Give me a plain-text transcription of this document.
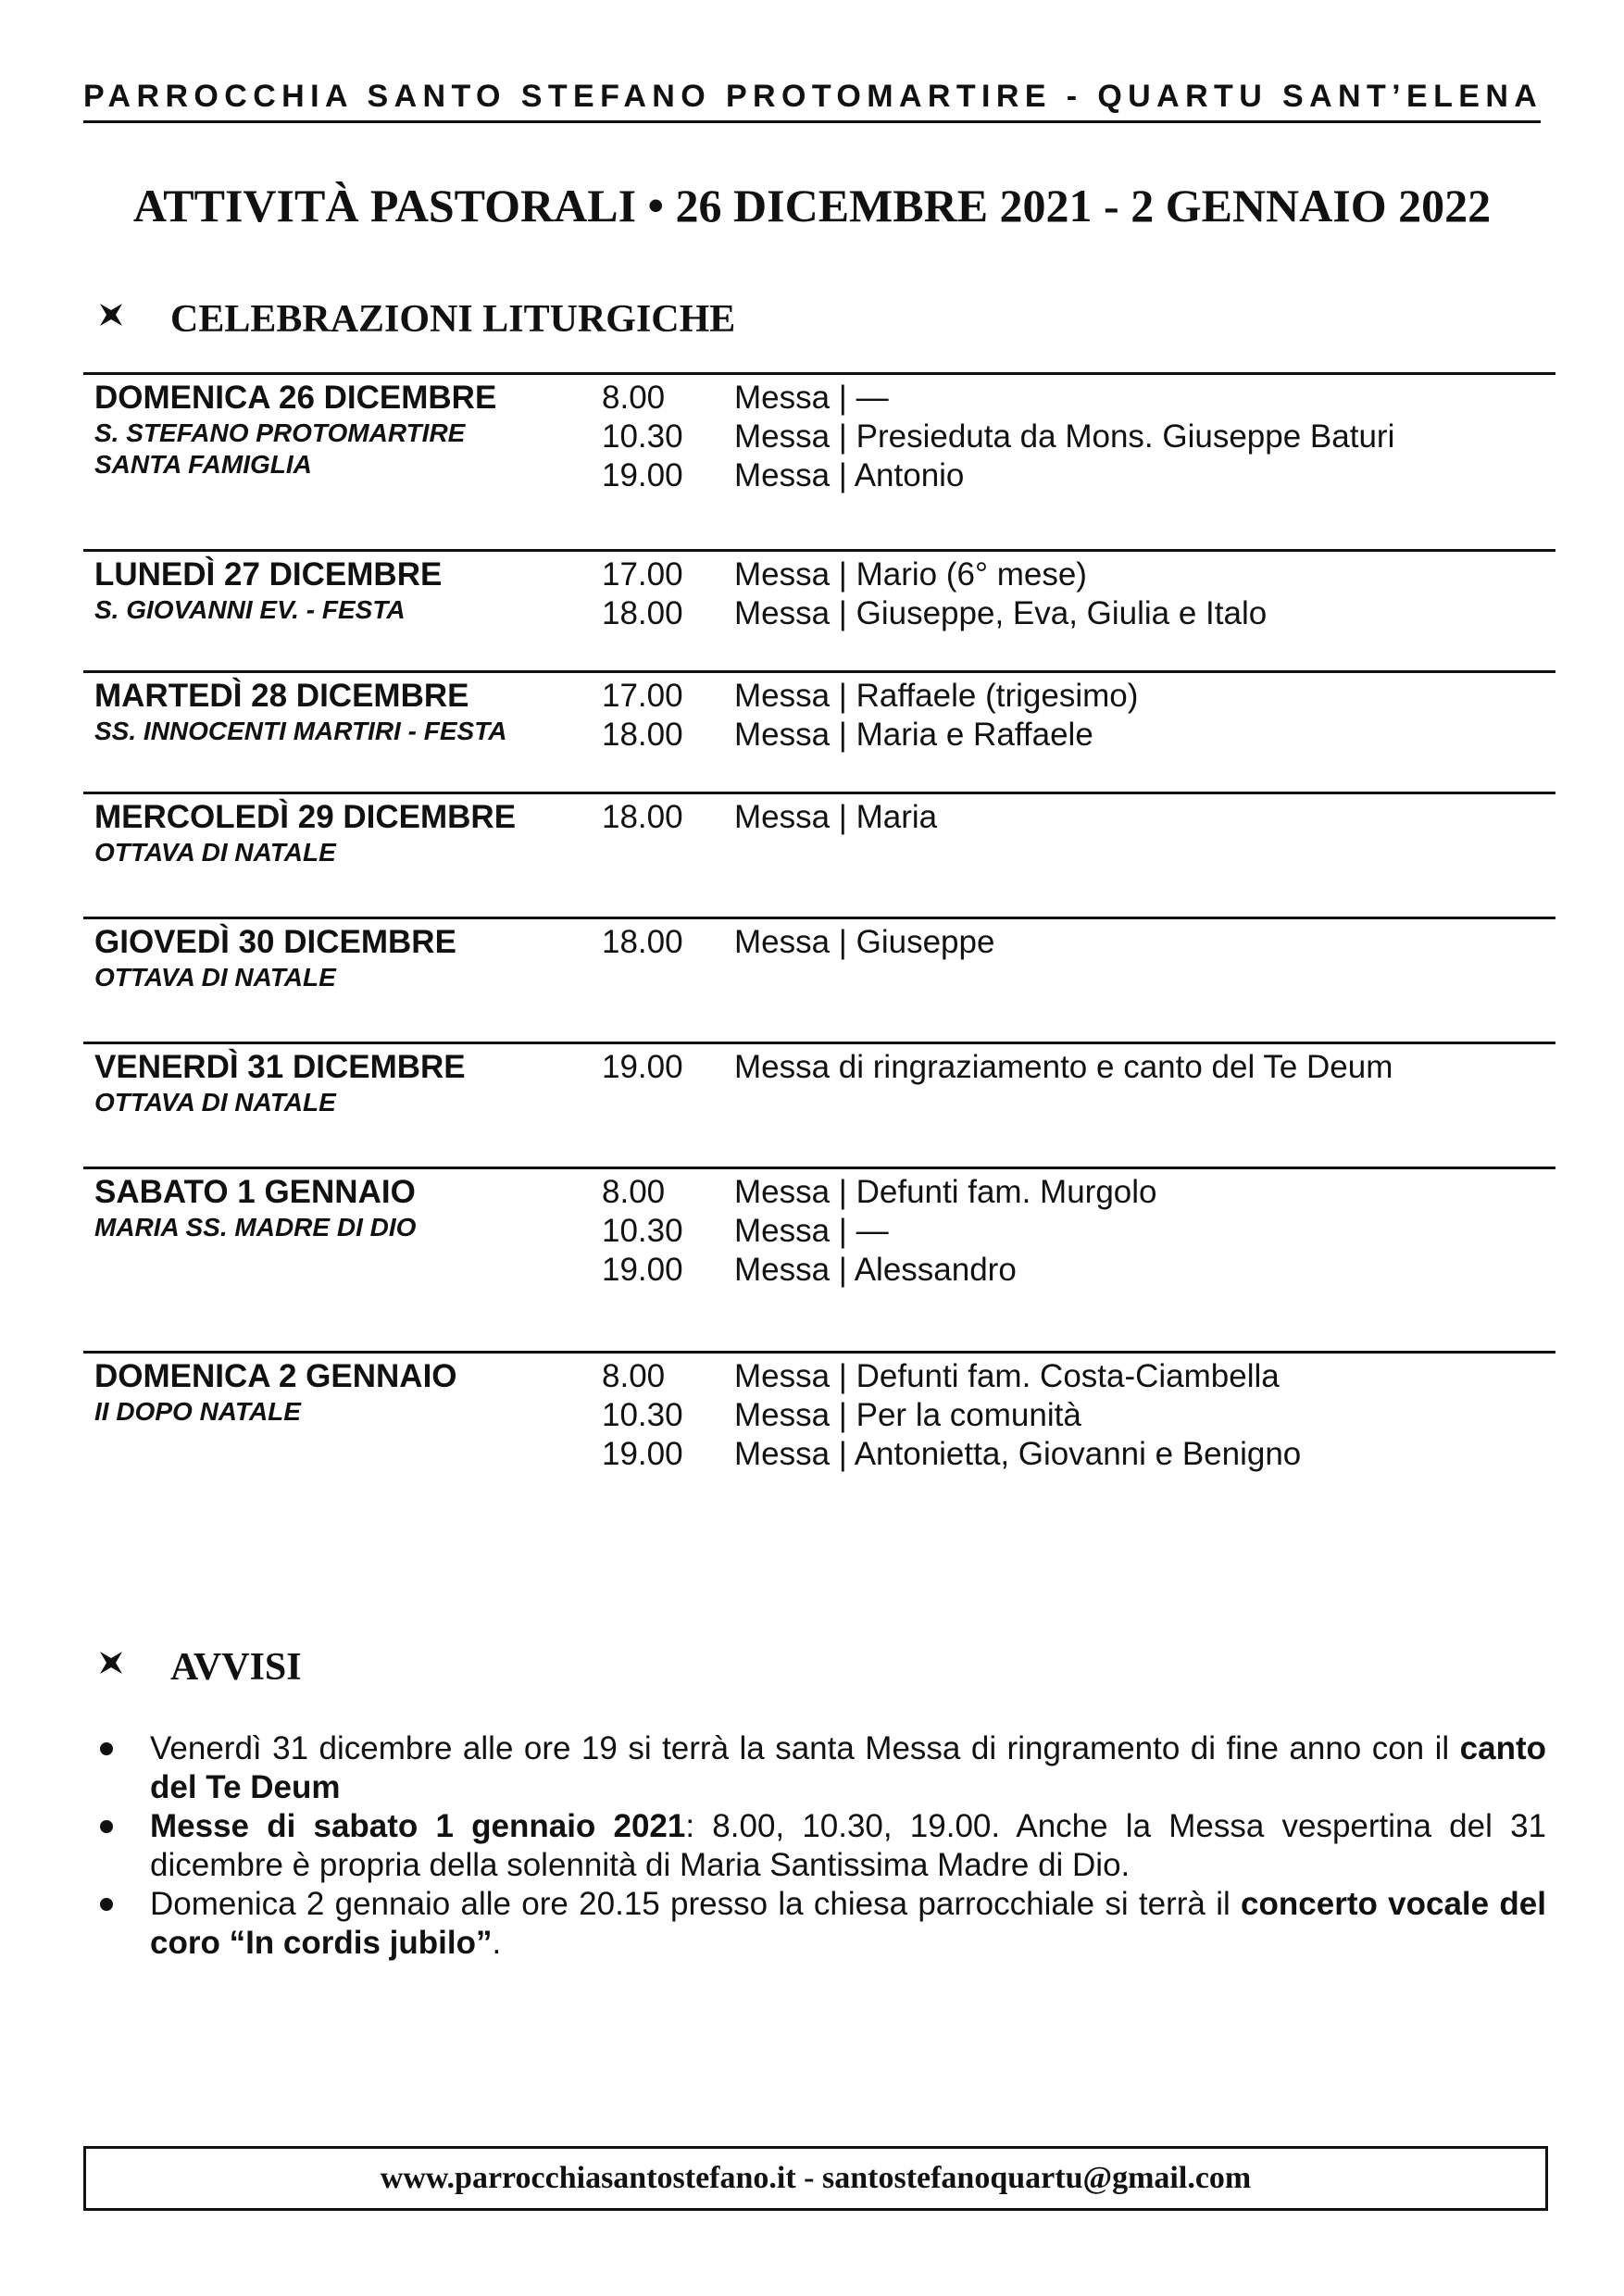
PARROCCHIA SANTO STEFANO PROTOMARTIRE - QUARTU SANT’ELENA
ATTIVITÀ PASTORALI • 26 DICEMBRE 2021 - 2 GENNAIO 2022
CELEBRAZIONI LITURGICHE
DOMENICA 26 DICEMBRE
S. STEFANO PROTOMARTIRE
SANTA FAMIGLIA
8.00 Messa | —
10.30 Messa | Presieduta da Mons. Giuseppe Baturi
19.00 Messa | Antonio
LUNEDÌ 27 DICEMBRE
S. GIOVANNI EV. - FESTA
17.00 Messa | Mario (6° mese)
18.00 Messa | Giuseppe, Eva, Giulia e Italo
MARTEDÌ 28 DICEMBRE
SS. INNOCENTI MARTIRI - FESTA
17.00 Messa | Raffaele (trigesimo)
18.00 Messa | Maria e Raffaele
MERCOLEDÌ 29 DICEMBRE
OTTAVA DI NATALE
18.00 Messa | Maria
GIOVEDÌ 30 DICEMBRE
OTTAVA DI NATALE
18.00 Messa | Giuseppe
VENERDÌ 31 DICEMBRE
OTTAVA DI NATALE
19.00 Messa di ringraziamento e canto del Te Deum
SABATO 1 GENNAIO
MARIA SS. MADRE DI DIO
8.00 Messa | Defunti fam. Murgolo
10.30 Messa | —
19.00 Messa | Alessandro
DOMENICA 2 GENNAIO
II DOPO NATALE
8.00 Messa | Defunti fam. Costa-Ciambella
10.30 Messa | Per la comunità
19.00 Messa | Antonietta, Giovanni e Benigno
AVVISI
Venerdì 31 dicembre alle ore 19 si terrà la santa Messa di ringramento di fine anno con il canto del Te Deum
Messe di sabato 1 gennaio 2021: 8.00, 10.30, 19.00. Anche la Messa vespertina del 31 dicembre è propria della solennità di Maria Santissima Madre di Dio.
Domenica 2 gennaio alle ore 20.15 presso la chiesa parrocchiale si terrà il concerto vocale del coro “In cordis jubilo”.
www.parrocchiasantostefano.it - santostefanoquartu@gmail.com
